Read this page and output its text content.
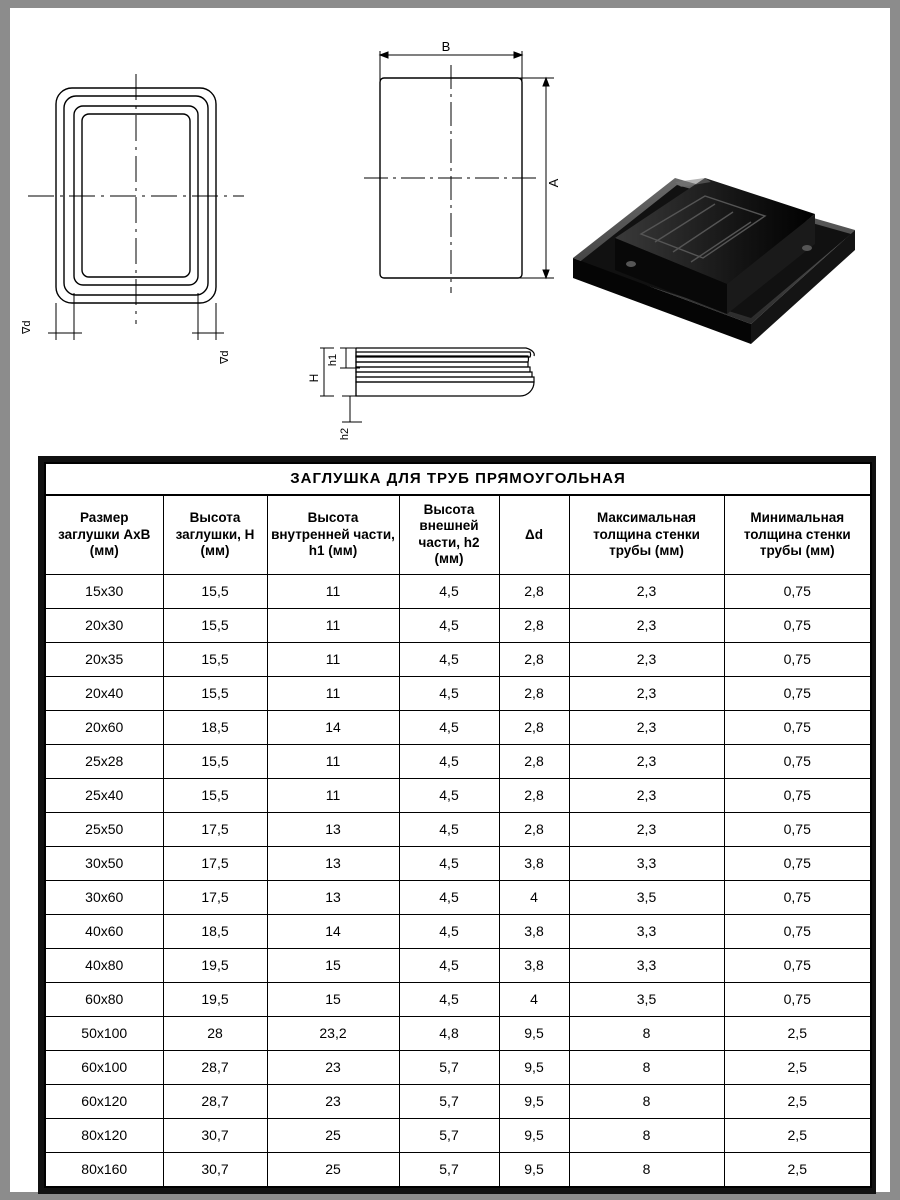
∇d
∇d
B
A
h1
H
h2
ЗАГЛУШКА ДЛЯ ТРУБ ПРЯМОУГОЛЬНАЯ
Размер заглушки AxB (мм)	Высота заглушки, H (мм)	Высота внутренней части, h1 (мм)	Высота внешней части, h2 (мм)	Δd	Максимальная толщина стенки трубы (мм)	Минимальная толщина стенки трубы (мм)
15x30	15,5	11	4,5	2,8	2,3	0,75
20x30	15,5	11	4,5	2,8	2,3	0,75
20x35	15,5	11	4,5	2,8	2,3	0,75
20x40	15,5	11	4,5	2,8	2,3	0,75
20x60	18,5	14	4,5	2,8	2,3	0,75
25x28	15,5	11	4,5	2,8	2,3	0,75
25x40	15,5	11	4,5	2,8	2,3	0,75
25x50	17,5	13	4,5	2,8	2,3	0,75
30x50	17,5	13	4,5	3,8	3,3	0,75
30x60	17,5	13	4,5	4	3,5	0,75
40x60	18,5	14	4,5	3,8	3,3	0,75
40x80	19,5	15	4,5	3,8	3,3	0,75
60x80	19,5	15	4,5	4	3,5	0,75
50x100	28	23,2	4,8	9,5	8	2,5
60x100	28,7	23	5,7	9,5	8	2,5
60x120	28,7	23	5,7	9,5	8	2,5
80x120	30,7	25	5,7	9,5	8	2,5
80x160	30,7	25	5,7	9,5	8	2,5
